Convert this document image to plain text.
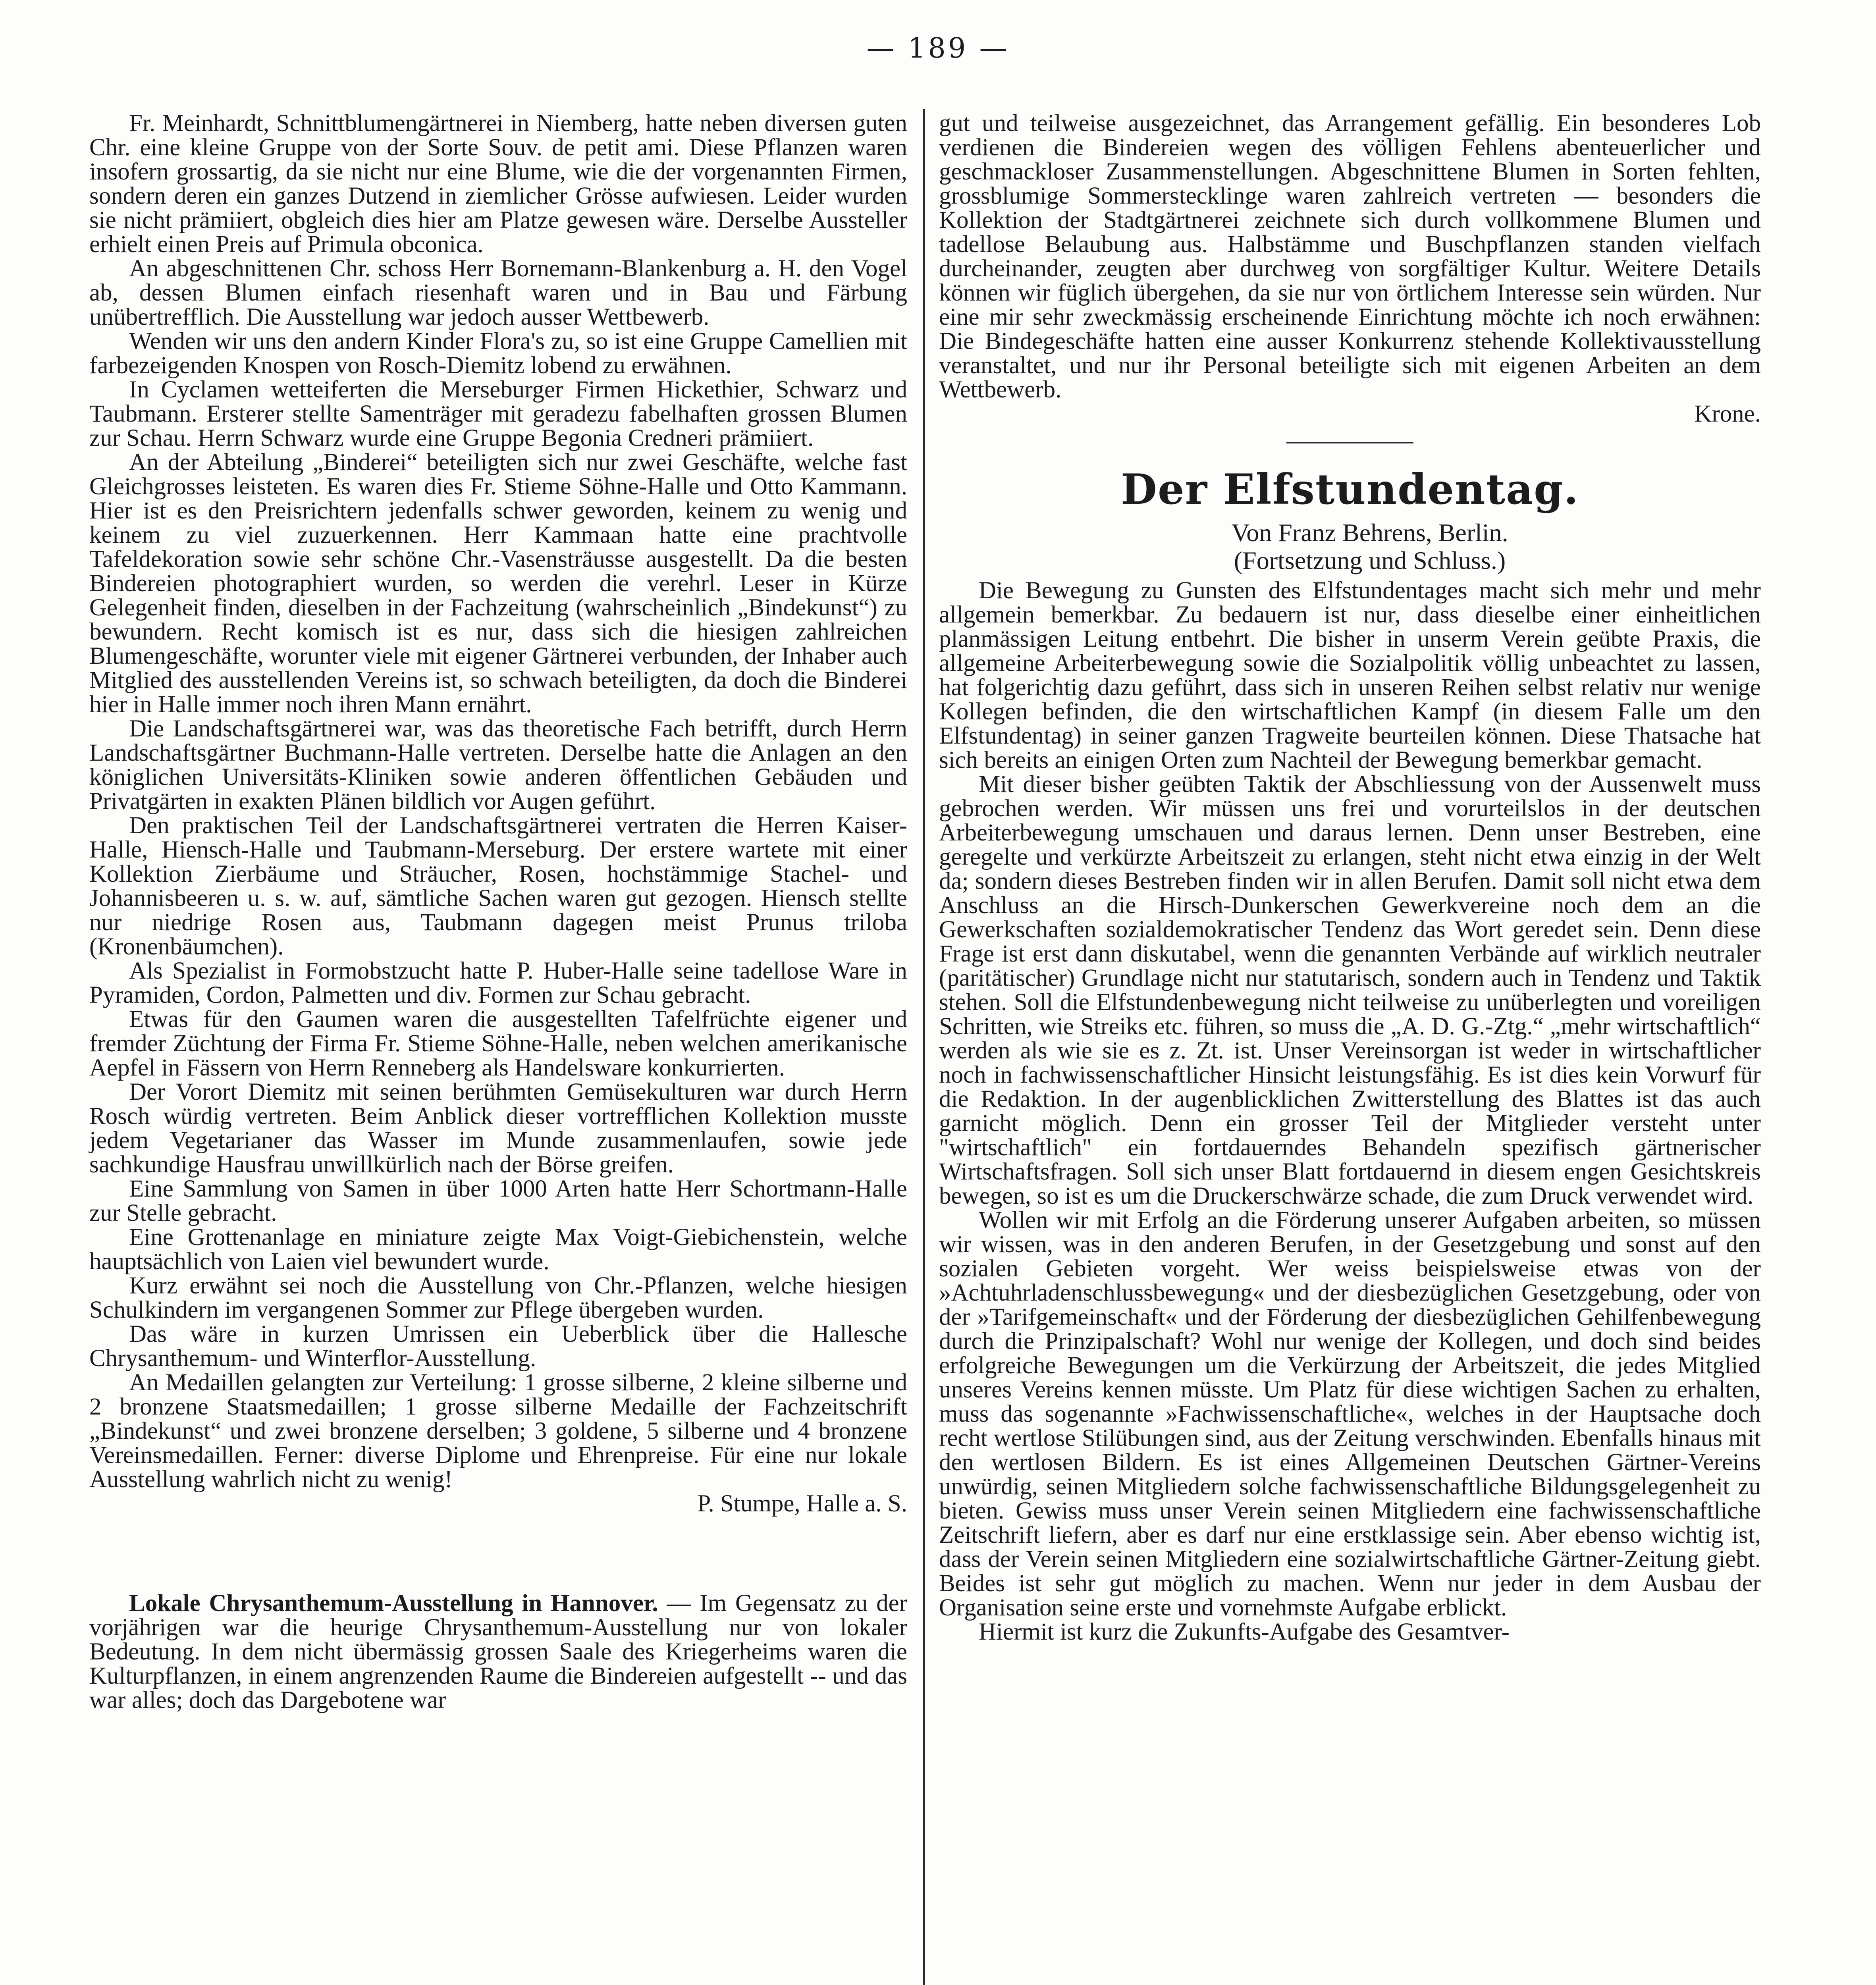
— 189 —

Fr. Meinhardt, Schnittblumengärtnerei in Niemberg, hatte neben diversen guten Chr. eine kleine Gruppe von der Sorte Souv. de petit ami. Diese Pflanzen waren insofern grossartig, da sie nicht nur eine Blume, wie die der vorgenannten Firmen, sondern deren ein ganzes Dutzend in ziemlicher Grösse aufwiesen. Leider wurden sie nicht prämiiert, obgleich dies hier am Platze gewesen wäre. Derselbe Aussteller erhielt einen Preis auf Primula obconica.

An abgeschnittenen Chr. schoss Herr Bornemann-Blankenburg a. H. den Vogel ab, dessen Blumen einfach riesenhaft waren und in Bau und Färbung unübertrefflich. Die Ausstellung war jedoch ausser Wettbewerb.

Wenden wir uns den andern Kinder Flora's zu, so ist eine Gruppe Camellien mit farbezeigenden Knospen von Rosch-Diemitz lobend zu erwähnen.

In Cyclamen wetteiferten die Merseburger Firmen Hickethier, Schwarz und Taubmann. Ersterer stellte Samenträger mit geradezu fabelhaften grossen Blumen zur Schau. Herrn Schwarz wurde eine Gruppe Begonia Credneri prämiiert.

An der Abteilung „Binderei“ beteiligten sich nur zwei Geschäfte, welche fast Gleichgrosses leisteten. Es waren dies Fr. Stieme Söhne-Halle und Otto Kammann. Hier ist es den Preisrichtern jedenfalls schwer geworden, keinem zu wenig und keinem zu viel zuzuerkennen. Herr Kammaan hatte eine prachtvolle Tafeldekoration sowie sehr schöne Chr.-Vasensträusse ausgestellt. Da die besten Bindereien photographiert wurden, so werden die verehrl. Leser in Kürze Gelegenheit finden, dieselben in der Fachzeitung (wahrscheinlich „Bindekunst“) zu bewundern. Recht komisch ist es nur, dass sich die hiesigen zahlreichen Blumengeschäfte, worunter viele mit eigener Gärtnerei verbunden, der Inhaber auch Mitglied des ausstellenden Vereins ist, so schwach beteiligten, da doch die Binderei hier in Halle immer noch ihren Mann ernährt.

Die Landschaftsgärtnerei war, was das theoretische Fach betrifft, durch Herrn Landschaftsgärtner Buchmann-Halle vertreten. Derselbe hatte die Anlagen an den königlichen Universitäts-Kliniken sowie anderen öffentlichen Gebäuden und Privatgärten in exakten Plänen bildlich vor Augen geführt.

Den praktischen Teil der Landschaftsgärtnerei vertraten die Herren Kaiser-Halle, Hiensch-Halle und Taubmann-Merseburg. Der erstere wartete mit einer Kollektion Zierbäume und Sträucher, Rosen, hochstämmige Stachel- und Johannisbeeren u. s. w. auf, sämtliche Sachen waren gut gezogen. Hiensch stellte nur niedrige Rosen aus, Taubmann dagegen meist Prunus triloba (Kronenbäumchen).

Als Spezialist in Formobstzucht hatte P. Huber-Halle seine tadellose Ware in Pyramiden, Cordon, Palmetten und div. Formen zur Schau gebracht.

Etwas für den Gaumen waren die ausgestellten Tafelfrüchte eigener und fremder Züchtung der Firma Fr. Stieme Söhne-Halle, neben welchen amerikanische Aepfel in Fässern von Herrn Renneberg als Handelsware konkurrierten.

Der Vorort Diemitz mit seinen berühmten Gemüsekulturen war durch Herrn Rosch würdig vertreten. Beim Anblick dieser vortrefflichen Kollektion musste jedem Vegetarianer das Wasser im Munde zusammenlaufen, sowie jede sachkundige Hausfrau unwillkürlich nach der Börse greifen.

Eine Sammlung von Samen in über 1000 Arten hatte Herr Schortmann-Halle zur Stelle gebracht.

Eine Grottenanlage en miniature zeigte Max Voigt-Giebichenstein, welche hauptsächlich von Laien viel bewundert wurde.

Kurz erwähnt sei noch die Ausstellung von Chr.-Pflanzen, welche hiesigen Schulkindern im vergangenen Sommer zur Pflege übergeben wurden.

Das wäre in kurzen Umrissen ein Ueberblick über die Hallesche Chrysanthemum- und Winterflor-Ausstellung.

An Medaillen gelangten zur Verteilung: 1 grosse silberne, 2 kleine silberne und 2 bronzene Staatsmedaillen; 1 grosse silberne Medaille der Fachzeitschrift „Bindekunst“ und zwei bronzene derselben; 3 goldene, 5 silberne und 4 bronzene Vereinsmedaillen. Ferner: diverse Diplome und Ehrenpreise. Für eine nur lokale Ausstellung wahrlich nicht zu wenig!

P. Stumpe, Halle a. S.

Lokale Chrysanthemum-Ausstellung in Hannover. — Im Gegensatz zu der vorjährigen war die heurige Chrysanthemum-Ausstellung nur von lokaler Bedeutung. In dem nicht übermässig grossen Saale des Kriegerheims waren die Kulturpflanzen, in einem angrenzenden Raume die Bindereien aufgestellt -- und das war alles; doch das Dargebotene war

gut und teilweise ausgezeichnet, das Arrangement gefällig. Ein besonderes Lob verdienen die Bindereien wegen des völligen Fehlens abenteuerlicher und geschmackloser Zusammenstellungen. Abgeschnittene Blumen in Sorten fehlten, grossblumige Sommerstecklinge waren zahlreich vertreten — besonders die Kollektion der Stadtgärtnerei zeichnete sich durch vollkommene Blumen und tadellose Belaubung aus. Halbstämme und Buschpflanzen standen vielfach durcheinander, zeugten aber durchweg von sorgfältiger Kultur. Weitere Details können wir füglich übergehen, da sie nur von örtlichem Interesse sein würden. Nur eine mir sehr zweckmässig erscheinende Einrichtung möchte ich noch erwähnen: Die Bindegeschäfte hatten eine ausser Konkurrenz stehende Kollektivausstellung veranstaltet, und nur ihr Personal beteiligte sich mit eigenen Arbeiten an dem Wettbewerb.

Krone.

Der Elfstundentag.

Von Franz Behrens, Berlin.

(Fortsetzung und Schluss.)

Die Bewegung zu Gunsten des Elfstundentages macht sich mehr und mehr allgemein bemerkbar. Zu bedauern ist nur, dass dieselbe einer einheitlichen planmässigen Leitung entbehrt. Die bisher in unserm Verein geübte Praxis, die allgemeine Arbeiterbewegung sowie die Sozialpolitik völlig unbeachtet zu lassen, hat folgerichtig dazu geführt, dass sich in unseren Reihen selbst relativ nur wenige Kollegen befinden, die den wirtschaftlichen Kampf (in diesem Falle um den Elfstundentag) in seiner ganzen Tragweite beurteilen können. Diese Thatsache hat sich bereits an einigen Orten zum Nachteil der Bewegung bemerkbar gemacht.

Mit dieser bisher geübten Taktik der Abschliessung von der Aussenwelt muss gebrochen werden. Wir müssen uns frei und vorurteilslos in der deutschen Arbeiterbewegung umschauen und daraus lernen. Denn unser Bestreben, eine geregelte und verkürzte Arbeitszeit zu erlangen, steht nicht etwa einzig in der Welt da; sondern dieses Bestreben finden wir in allen Berufen. Damit soll nicht etwa dem Anschluss an die Hirsch-Dunkerschen Gewerkvereine noch dem an die Gewerkschaften sozialdemokratischer Tendenz das Wort geredet sein. Denn diese Frage ist erst dann diskutabel, wenn die genannten Verbände auf wirklich neutraler (paritätischer) Grundlage nicht nur statutarisch, sondern auch in Tendenz und Taktik stehen. Soll die Elfstundenbewegung nicht teilweise zu unüberlegten und voreiligen Schritten, wie Streiks etc. führen, so muss die „A. D. G.-Ztg.“ „mehr wirtschaftlich“ werden als wie sie es z. Zt. ist. Unser Vereinsorgan ist weder in wirtschaftlicher noch in fachwissenschaftlicher Hinsicht leistungsfähig. Es ist dies kein Vorwurf für die Redaktion. In der augenblicklichen Zwitterstellung des Blattes ist das auch garnicht möglich. Denn ein grosser Teil der Mitglieder versteht unter "wirtschaftlich" ein fortdauerndes Behandeln spezifisch gärtnerischer Wirtschaftsfragen. Soll sich unser Blatt fortdauernd in diesem engen Gesichtskreis bewegen, so ist es um die Druckerschwärze schade, die zum Druck verwendet wird.

Wollen wir mit Erfolg an die Förderung unserer Aufgaben arbeiten, so müssen wir wissen, was in den anderen Berufen, in der Gesetzgebung und sonst auf den sozialen Gebieten vorgeht. Wer weiss beispielsweise etwas von der »Achtuhrladenschlussbewegung« und der diesbezüglichen Gesetzgebung, oder von der »Tarifgemeinschaft« und der Förderung der diesbezüglichen Gehilfenbewegung durch die Prinzipalschaft? Wohl nur wenige der Kollegen, und doch sind beides erfolgreiche Bewegungen um die Verkürzung der Arbeitszeit, die jedes Mitglied unseres Vereins kennen müsste. Um Platz für diese wichtigen Sachen zu erhalten, muss das sogenannte »Fachwissenschaftliche«, welches in der Hauptsache doch recht wertlose Stilübungen sind, aus der Zeitung verschwinden. Ebenfalls hinaus mit den wertlosen Bildern. Es ist eines Allgemeinen Deutschen Gärtner-Vereins unwürdig, seinen Mitgliedern solche fachwissenschaftliche Bildungsgelegenheit zu bieten. Gewiss muss unser Verein seinen Mitgliedern eine fachwissenschaftliche Zeitschrift liefern, aber es darf nur eine erstklassige sein. Aber ebenso wichtig ist, dass der Verein seinen Mitgliedern eine sozialwirtschaftliche Gärtner-Zeitung giebt. Beides ist sehr gut möglich zu machen. Wenn nur jeder in dem Ausbau der Organisation seine erste und vornehmste Aufgabe erblickt.

Hiermit ist kurz die Zukunfts-Aufgabe des Gesamtver-
